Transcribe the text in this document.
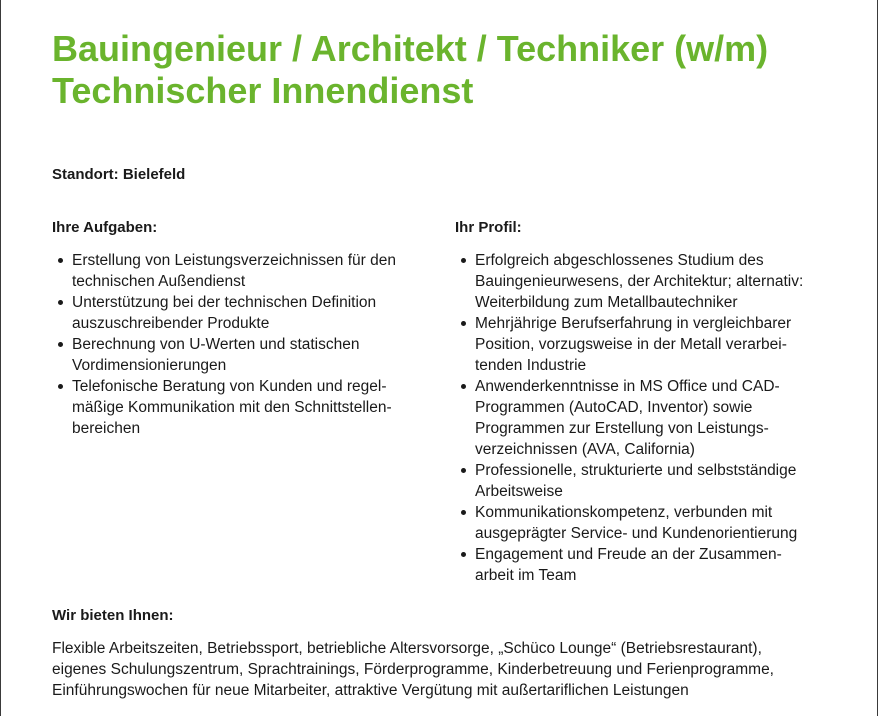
Bauingenieur / Architekt / Techniker (w/m)
Technischer Innendienst
Standort: Bielefeld
Ihre Aufgaben:
Erstellung von Leistungsverzeichnissen für den
technischen Außendienst
Unterstützung bei der technischen Definition
auszuschreibender Produkte
Berechnung von U-Werten und statischen
Vordimensionierungen
Telefonische Beratung von Kunden und regel-
mäßige Kommunikation mit den Schnittstellen-
bereichen
Ihr Profil:
Erfolgreich abgeschlossenes Studium des
Bauingenieurwesens, der Architektur; alternativ:
Weiterbildung zum Metallbautechniker
Mehrjährige Berufserfahrung in vergleichbarer
Position, vorzugsweise in der Metall verarbei-
tenden Industrie
Anwenderkenntnisse in MS Office und CAD-
Programmen (AutoCAD, Inventor) sowie
Programmen zur Erstellung von Leistungs-
verzeichnissen (AVA, California)
Professionelle, strukturierte und selbstständige
Arbeitsweise
Kommunikationskompetenz, verbunden mit
ausgeprägter Service- und Kundenorientierung
Engagement und Freude an der Zusammen-
arbeit im Team
Wir bieten Ihnen:
Flexible Arbeitszeiten, Betriebssport, betriebliche Altersvorsorge, „Schüco Lounge“ (Betriebsrestaurant),
eigenes Schulungszentrum, Sprachtrainings, Förderprogramme, Kinderbetreuung und Ferienprogramme,
Einführungswochen für neue Mitarbeiter, attraktive Vergütung mit außertariflichen Leistungen
